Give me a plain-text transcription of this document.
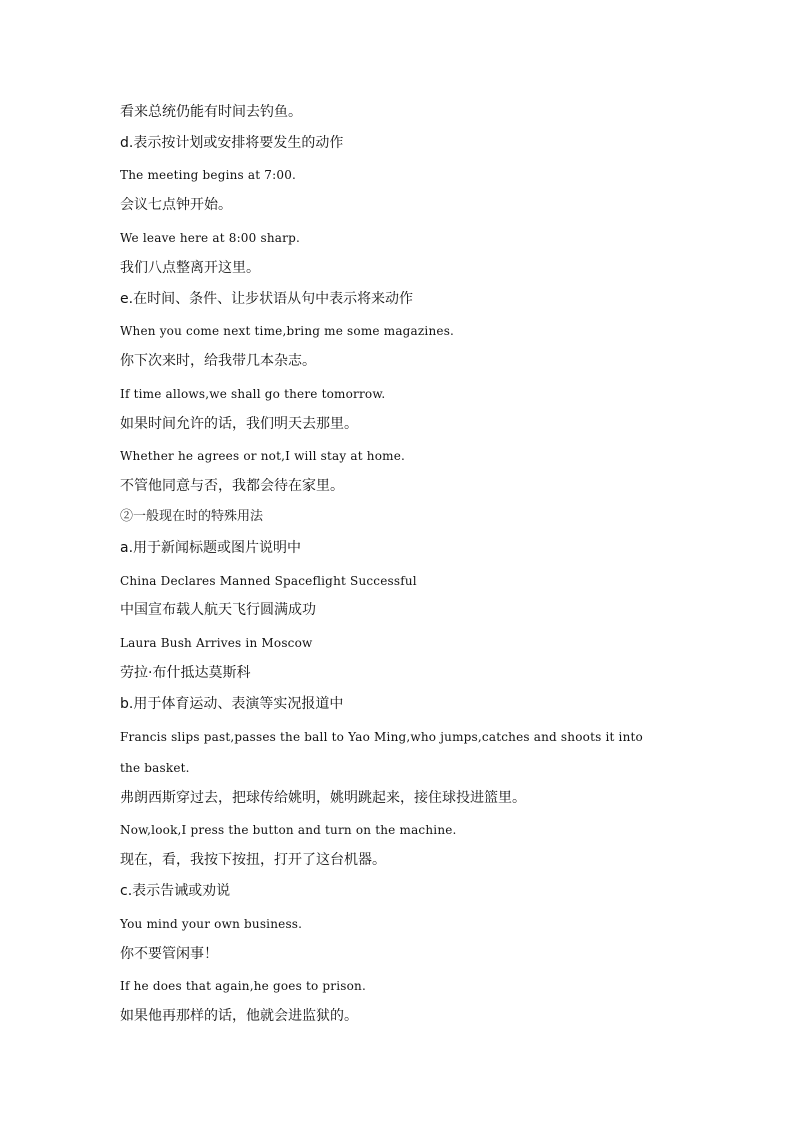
看来总统仍能有时间去钓鱼。
d.表示按计划或安排将要发生的动作
The meeting begins at 7:00.
会议七点钟开始。
We leave here at 8:00 sharp.
我们八点整离开这里。
e.在时间、条件、让步状语从句中表示将来动作
When you come next time,bring me some magazines.
你下次来时，给我带几本杂志。
If time allows,we shall go there tomorrow.
如果时间允许的话，我们明天去那里。
Whether he agrees or not,I will stay at home.
不管他同意与否，我都会待在家里。
②一般现在时的特殊用法
a.用于新闻标题或图片说明中
China Declares Manned Spaceflight Successful
中国宣布载人航天飞行圆满成功
Laura Bush Arrives in Moscow
劳拉·布什抵达莫斯科
b.用于体育运动、表演等实况报道中
Francis slips past,passes the ball to Yao Ming,who jumps,catches and shoots it into
the basket.
弗朗西斯穿过去，把球传给姚明，姚明跳起来，接住球投进篮里。
Now,look,I press the button and turn on the machine.
现在，看，我按下按扭，打开了这台机器。
c.表示告诫或劝说
You mind your own business.
你不要管闲事！
If he does that again,he goes to prison.
如果他再那样的话，他就会进监狱的。
